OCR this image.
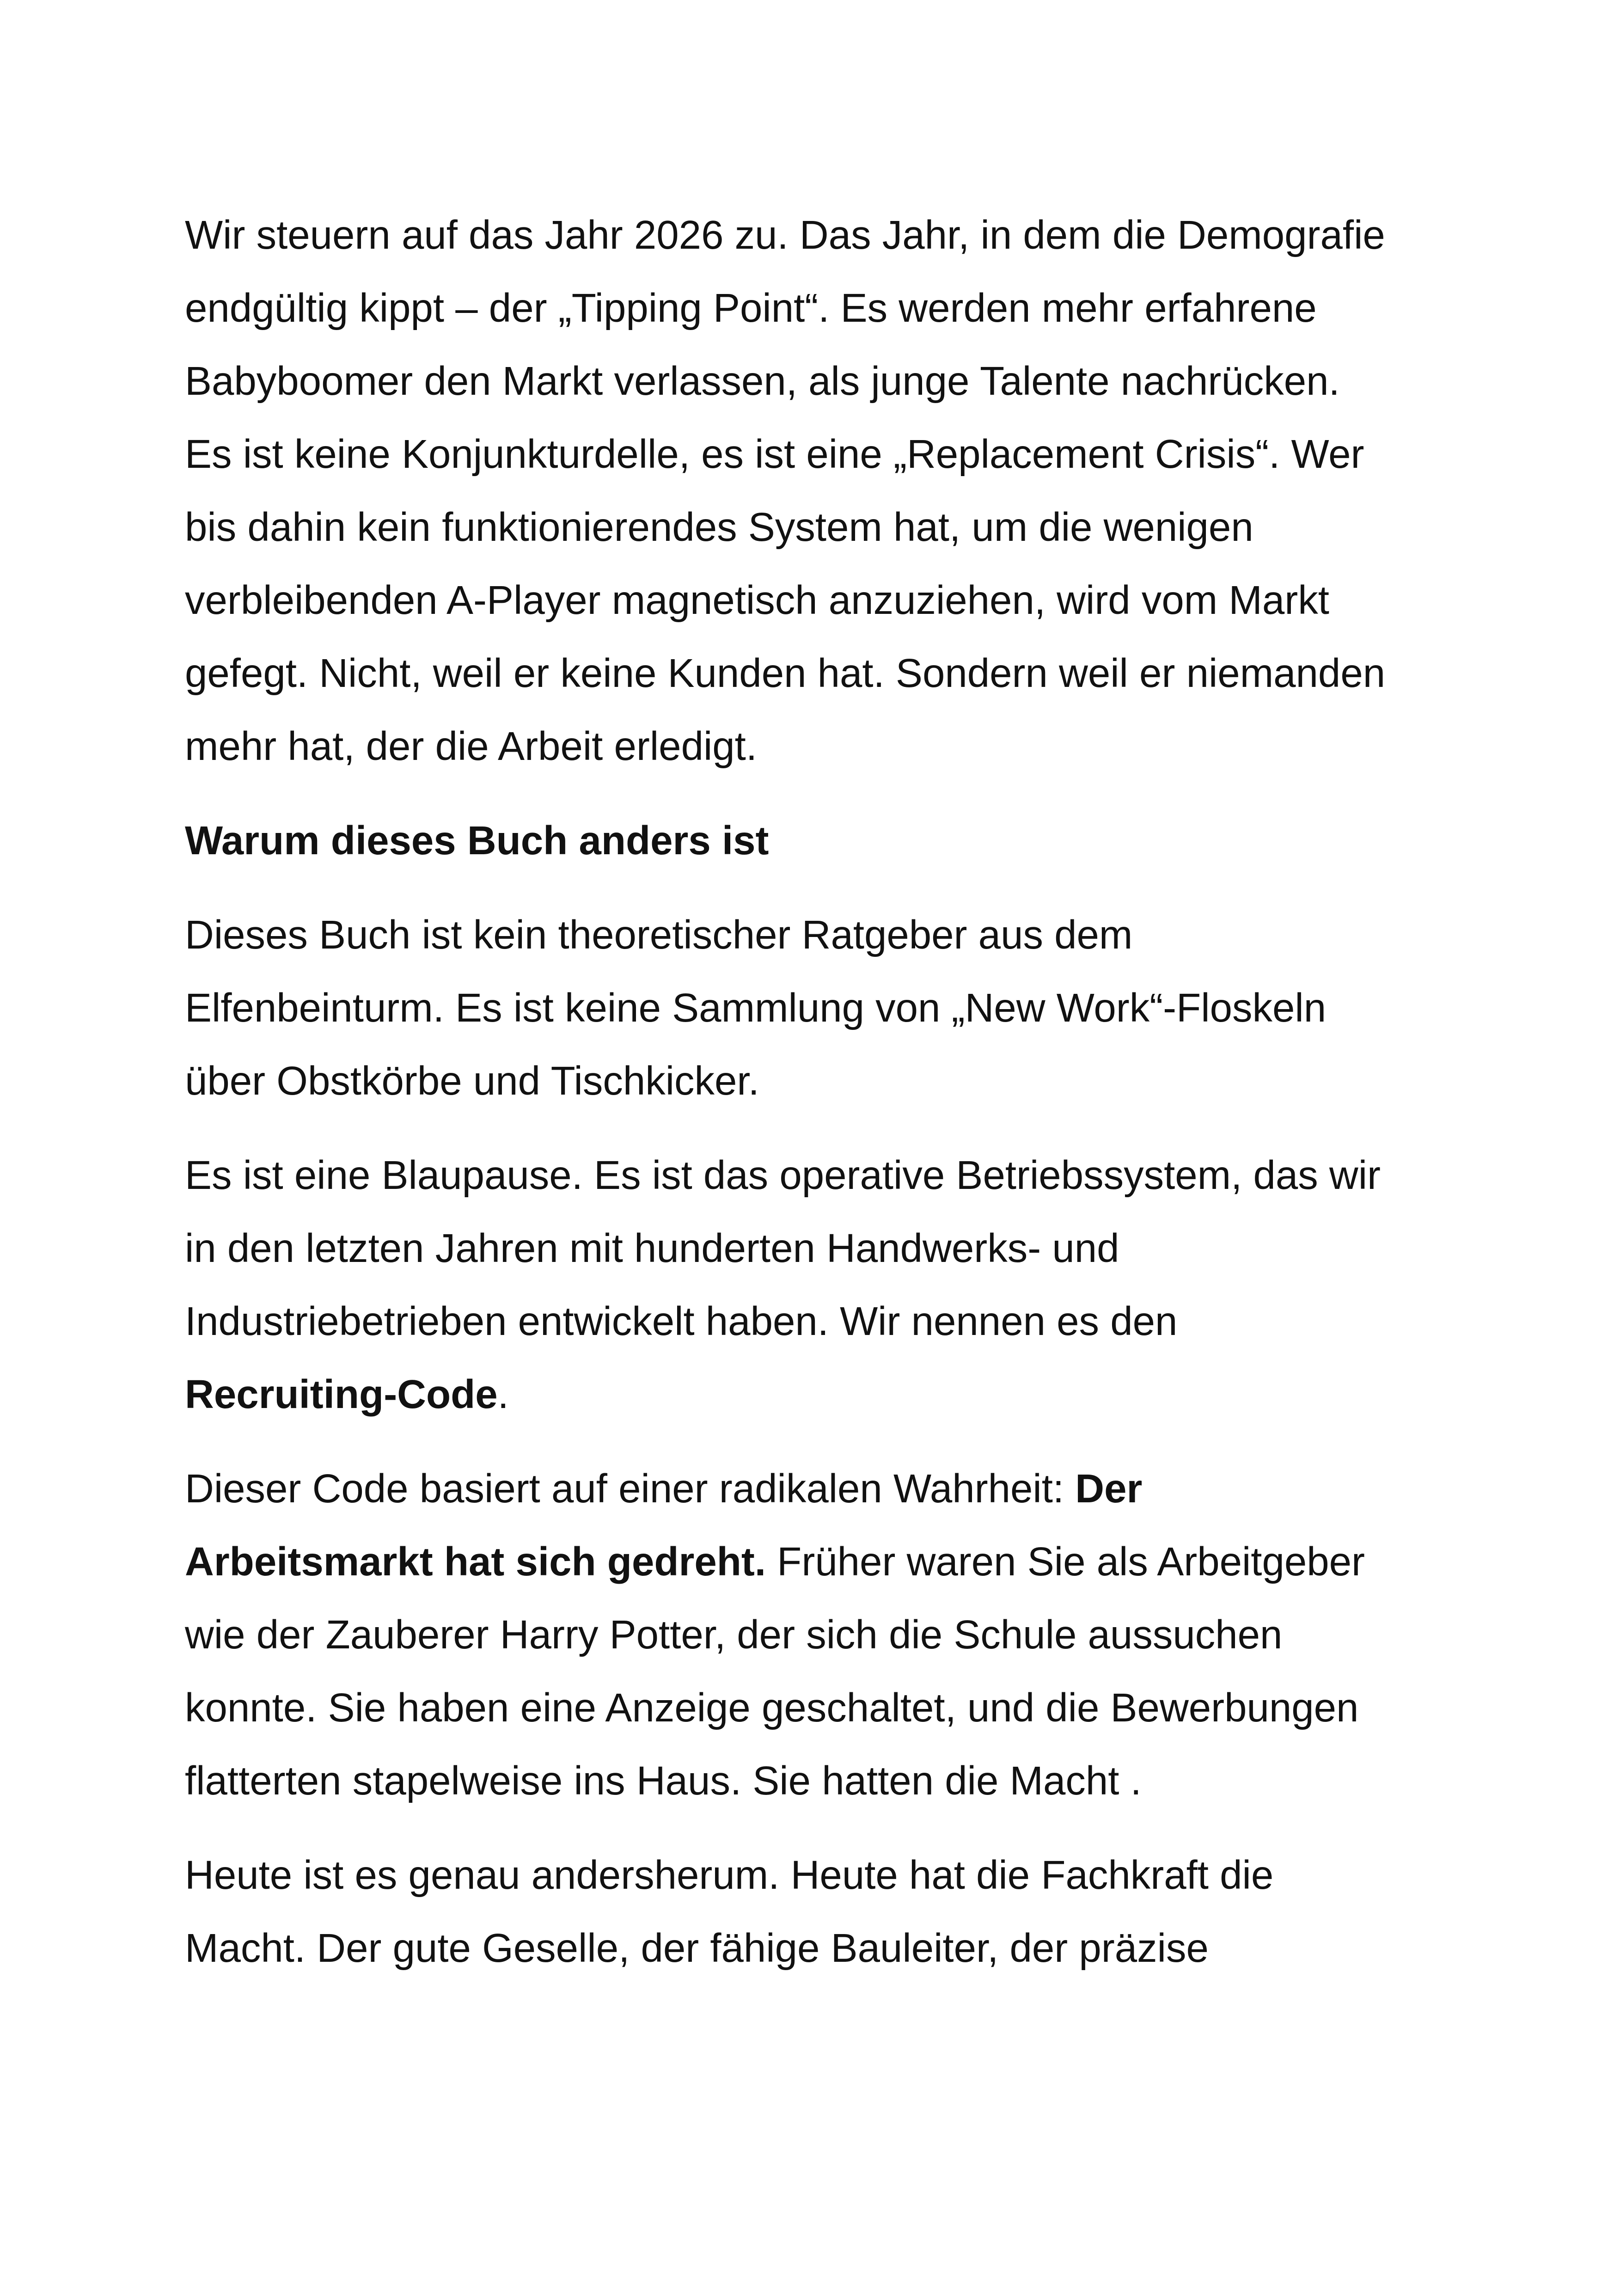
Wir steuern auf das Jahr 2026 zu. Das Jahr, in dem die Demografie
endgültig kippt – der „Tipping Point“. Es werden mehr erfahrene
Babyboomer den Markt verlassen, als junge Talente nachrücken.
Es ist keine Konjunkturdelle, es ist eine „Replacement Crisis“. Wer
bis dahin kein funktionierendes System hat, um die wenigen
verbleibenden A-Player magnetisch anzuziehen, wird vom Markt
gefegt. Nicht, weil er keine Kunden hat. Sondern weil er niemanden
mehr hat, der die Arbeit erledigt.

Warum dieses Buch anders ist

Dieses Buch ist kein theoretischer Ratgeber aus dem
Elfenbeinturm. Es ist keine Sammlung von „New Work“-Floskeln
über Obstkörbe und Tischkicker.

Es ist eine Blaupause. Es ist das operative Betriebssystem, das wir
in den letzten Jahren mit hunderten Handwerks- und
Industriebetrieben entwickelt haben. Wir nennen es den
Recruiting-Code.

Dieser Code basiert auf einer radikalen Wahrheit: Der
Arbeitsmarkt hat sich gedreht. Früher waren Sie als Arbeitgeber
wie der Zauberer Harry Potter, der sich die Schule aussuchen
konnte. Sie haben eine Anzeige geschaltet, und die Bewerbungen
flatterten stapelweise ins Haus. Sie hatten die Macht .

Heute ist es genau andersherum. Heute hat die Fachkraft die
Macht. Der gute Geselle, der fähige Bauleiter, der präzise
